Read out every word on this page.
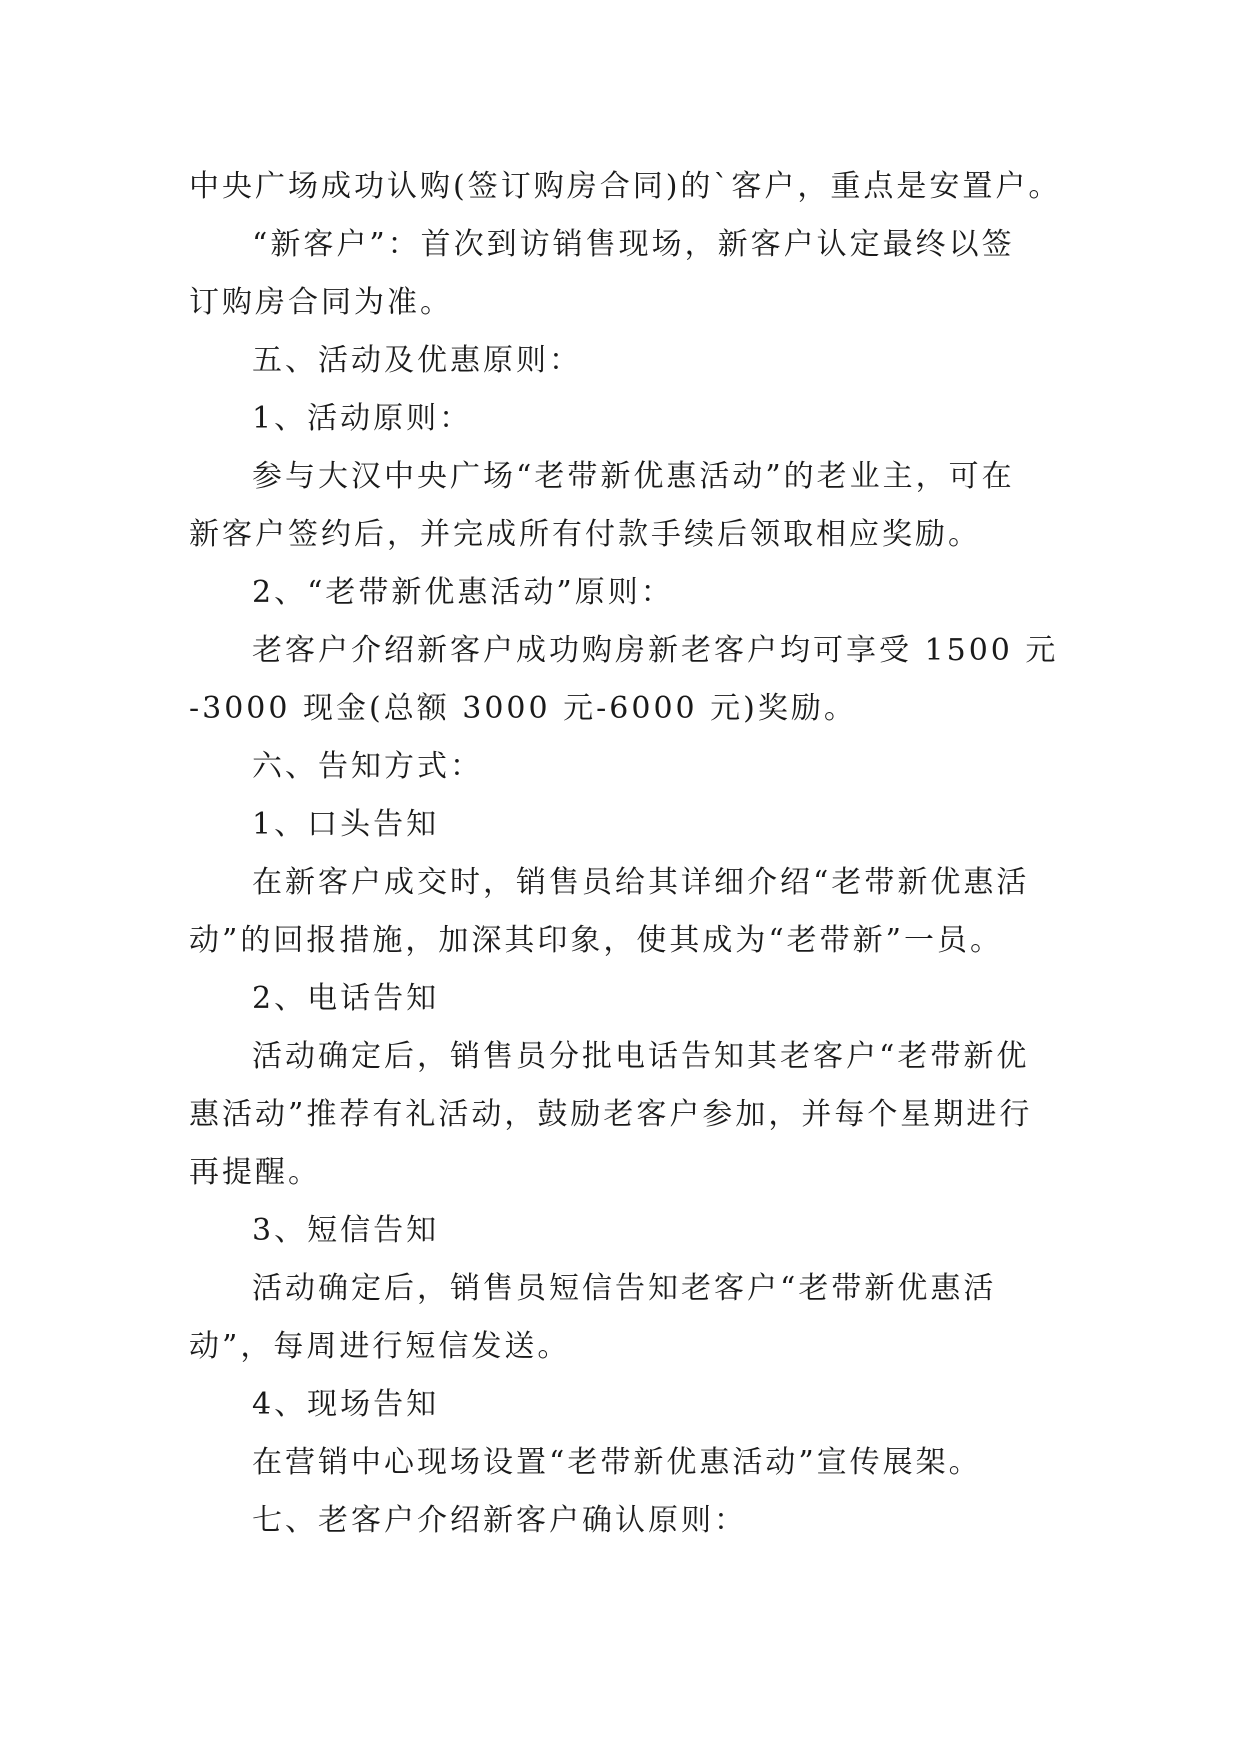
中央广场成功认购(签订购房合同)的`客户，重点是安置户。

“新客户”：首次到访销售现场，新客户认定最终以签

订购房合同为准。

五、活动及优惠原则：

1、活动原则：

参与大汉中央广场“老带新优惠活动”的老业主，可在

新客户签约后，并完成所有付款手续后领取相应奖励。

2、“老带新优惠活动”原则：

老客户介绍新客户成功购房新老客户均可享受 1500 元

-3000 现金(总额 3000 元-6000 元)奖励。

六、告知方式：

1、口头告知

在新客户成交时，销售员给其详细介绍“老带新优惠活

动”的回报措施，加深其印象，使其成为“老带新”一员。

2、电话告知

活动确定后，销售员分批电话告知其老客户“老带新优

惠活动”推荐有礼活动，鼓励老客户参加，并每个星期进行

再提醒。

3、短信告知

活动确定后，销售员短信告知老客户“老带新优惠活

动”，每周进行短信发送。

4、现场告知

在营销中心现场设置“老带新优惠活动”宣传展架。

七、老客户介绍新客户确认原则：
